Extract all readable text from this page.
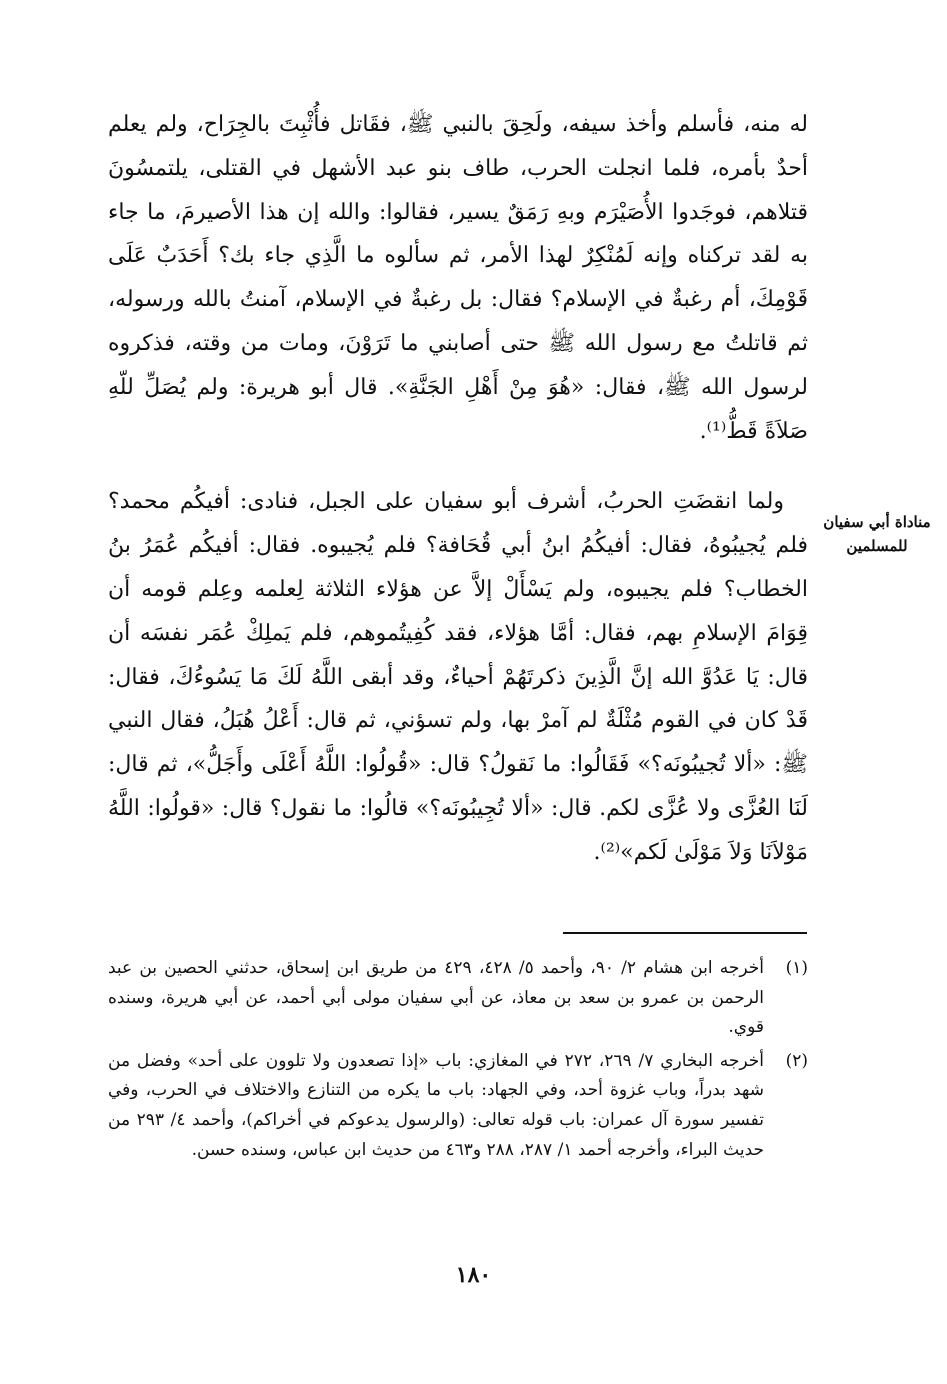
له منه، فأسلم وأخذ سيفه، ولَحِقَ بالنبي ﷺ، فقَاتل فأُثْبِتَ بالجِرَاح، ولم يعلم أحدٌ بأمره، فلما انجلت الحرب، طاف بنو عبد الأشهل في القتلى، يلتمسُونَ قتلاهم، فوجَدوا الأُصَيْرَم وبهِ رَمَقٌ يسير، فقالوا: والله إن هذا الأصيرمَ، ما جاء به لقد تركناه وإنه لَمُنْكِرٌ لهذا الأمر، ثم سألوه ما الَّذِي جاء بك؟ أَحَدَبٌ عَلَى قَوْمِكَ، أم رغبةٌ في الإسلام؟ فقال: بل رغبةٌ في الإسلام، آمنتُ بالله ورسوله، ثم قاتلتُ مع رسول الله ﷺ حتى أصابني ما تَرَوْنَ، ومات من وقته، فذكروه لرسول الله ﷺ، فقال: «هُوَ مِنْ أَهْلِ الجَنَّةِ». قال أبو هريرة: ولم يُصَلِّ للّهِ صَلاَةً قَطُّ⁽¹⁾.

ولما انقضَتِ الحربُ، أشرف أبو سفيان على الجبل، فنادى: أفيكُم محمد؟ فلم يُجيبُوهُ، فقال: أفيكُمُ ابنُ أبي قُحَافة؟ فلم يُجيبوه. فقال: أفيكُم عُمَرُ بنُ الخطاب؟ فلم يجيبوه، ولم يَسْأَلْ إلاَّ عن هؤلاء الثلاثة لِعلمه وعِلم قومه أن قِوَامَ الإسلامِ بهم، فقال: أمَّا هؤلاء، فقد كُفِيتُموهم، فلم يَملِكْ عُمَر نفسَه أن قال: يَا عَدُوَّ الله إنَّ الَّذِينَ ذكرتَهُمْ أحياءٌ، وقد أبقى اللَّهُ لَكَ مَا يَسُوءُكَ، فقال: قَدْ كان في القوم مُثْلَةٌ لم آمرْ بها، ولم تسؤني، ثم قال: أَعْلُ هُبَلُ، فقال النبي ﷺ: «ألا تُجيبُونَه؟» فَقَالُوا: ما نَقولُ؟ قال: «قُولُوا: اللَّهُ أَعْلَى وأَجَلُّ»، ثم قال: لَنَا العُزَّى ولا عُزَّى لكم. قال: «ألا تُجِيبُونَه؟» قالُوا: ما نقول؟ قال: «قولُوا: اللَّهُ مَوْلاَنَا وَلاَ مَوْلَىٰ لَكم»⁽²⁾.

مناداة أبي سفيان للمسلمين
(١)
أخرجه ابن هشام ٢/ ٩٠، وأحمد ٥/ ٤٢٨، ٤٢٩ من طريق ابن إسحاق، حدثني الحصين بن عبد الرحمن بن عمرو بن سعد بن معاذ، عن أبي سفيان مولى أبي أحمد، عن أبي هريرة، وسنده قوي.
(٢)
أخرجه البخاري ٧/ ٢٦٩، ٢٧٢ في المغازي: باب «إذا تصعدون ولا تلوون على أحد» وفضل من شهد بدراً، وباب غزوة أحد، وفي الجهاد: باب ما يكره من التنازع والاختلاف في الحرب، وفي تفسير سورة آل عمران: باب قوله تعالى: (والرسول يدعوكم في أخراكم)، وأحمد ٤/ ٢٩٣ من حديث البراء، وأخرجه أحمد ١/ ٢٨٧، ٢٨٨ و٤٦٣ من حديث ابن عباس، وسنده حسن.
١٨٠
